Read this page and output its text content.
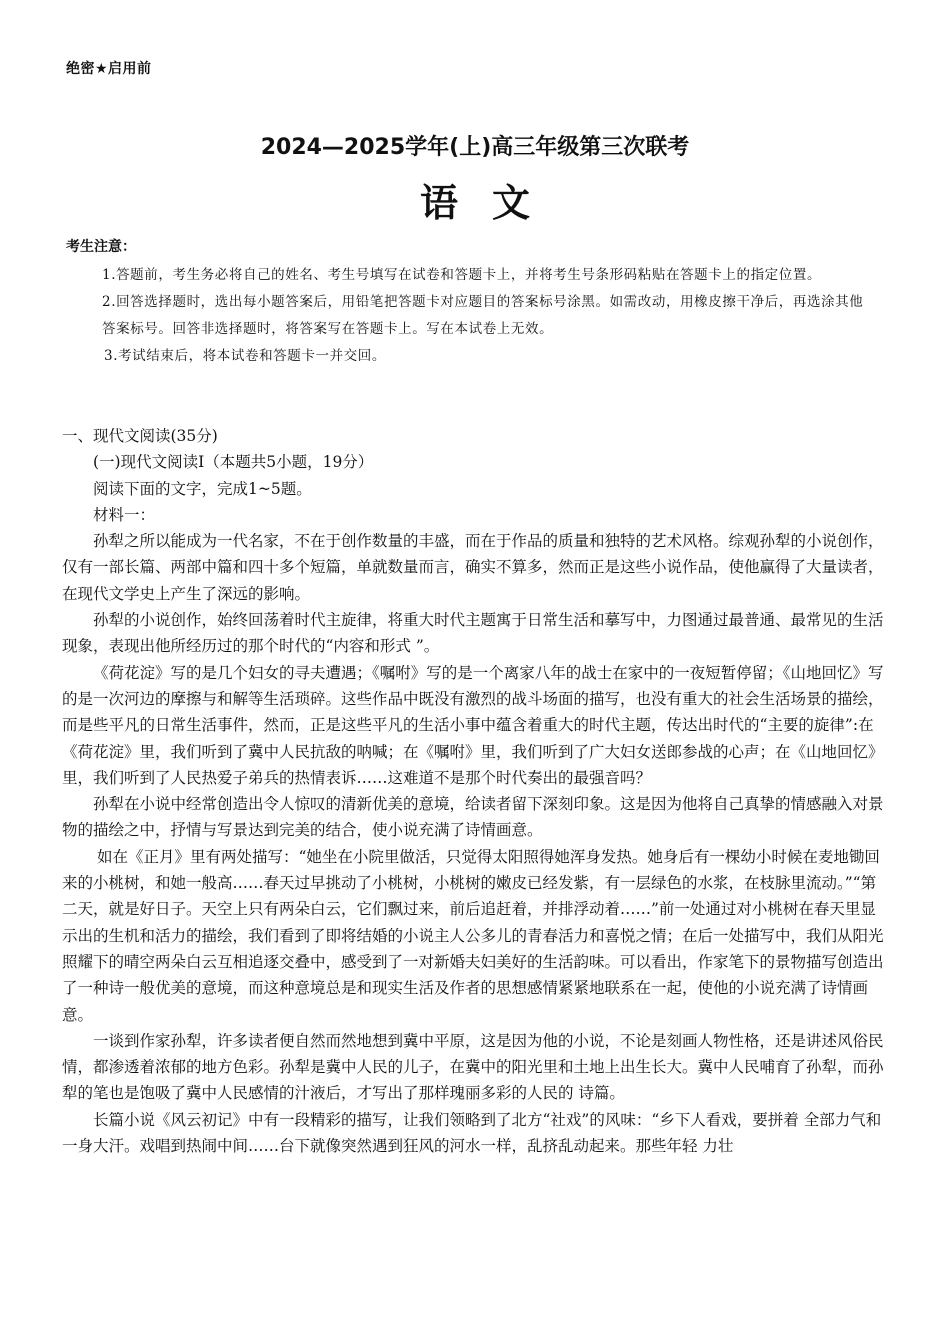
绝密★启用前
2024—2025学年(上)高三年级第三次联考
语文
考生注意：

1.答题前，考生务必将自己的姓名、考生号填写在试卷和答题卡上，并将考生号条形码粘贴在答题卡上的指定位置。

2.回答选择题时，选出每小题答案后，用铅笔把答题卡对应题目的答案标号涂黑。如需改动，用橡皮擦干净后，再选涂其他答案标号。回答非选择题时，将答案写在答题卡上。写在本试卷上无效。

3.考试结束后，将本试卷和答题卡一并交回。

一、现代文阅读(35分)

(一)现代文阅读Ⅰ（本题共5小题，19分）

阅读下面的文字，完成1~5题。

材料一：

孙犁之所以能成为一代名家，不在于创作数量的丰盛，而在于作品的质量和独特的艺术风格。综观孙犁的小说创作，仅有一部长篇、两部中篇和四十多个短篇，单就数量而言，确实不算多，然而正是这些小说作品，使他赢得了大量读者，在现代文学史上产生了深远的影响。

孙犁的小说创作，始终回荡着时代主旋律，将重大时代主题寓于日常生活和摹写中，力图通过最普通、最常见的生活现象，表现出他所经历过的那个时代的“内容和形式 ”。

《荷花淀》写的是几个妇女的寻夫遭遇；《嘱咐》写的是一个离家八年的战士在家中的一夜短暂停留；《山地回忆》写的是一次河边的摩擦与和解等生活琐碎。这些作品中既没有激烈的战斗场面的描写，也没有重大的社会生活场景的描绘，而是些平凡的日常生活事件，然而，正是这些平凡的生活小事中蕴含着重大的时代主题，传达出时代的“主要的旋律”:在《荷花淀》里，我们听到了冀中人民抗敌的呐喊；在《嘱咐》里，我们听到了广大妇女送郎参战的心声；在《山地回忆》里，我们听到了人民热爱子弟兵的热情表诉……这难道不是那个时代奏出的最强音吗？

孙犁在小说中经常创造出令人惊叹的清新优美的意境，给读者留下深刻印象。这是因为他将自己真挚的情感融入对景物的描绘之中，抒情与写景达到完美的结合，使小说充满了诗情画意。

如在《正月》里有两处描写：“她坐在小院里做活，只觉得太阳照得她浑身发热。她身后有一棵幼小时候在麦地锄回来的小桃树，和她一般高……春天过早挑动了小桃树，小桃树的嫩皮已经发紫，有一层绿色的水浆，在枝脉里流动。”“第二天，就是好日子。天空上只有两朵白云，它们飘过来，前后追赶着，并排浮动着……”前一处通过对小桃树在春天里显示出的生机和活力的描绘，我们看到了即将结婚的小说主人公多儿的青春活力和喜悦之情；在后一处描写中，我们从阳光照耀下的晴空两朵白云互相追逐交叠中，感受到了一对新婚夫妇美好的生活韵味。可以看出，作家笔下的景物描写创造出了一种诗一般优美的意境，而这种意境总是和现实生活及作者的思想感情紧紧地联系在一起，使他的小说充满了诗情画意。

一谈到作家孙犁，许多读者便自然而然地想到冀中平原，这是因为他的小说，不论是刻画人物性格，还是讲述风俗民情，都渗透着浓郁的地方色彩。孙犁是冀中人民的儿子，在冀中的阳光里和土地上出生长大。冀中人民哺育了孙犁，而孙犁的笔也是饱吸了冀中人民感情的汁液后，才写出了那样瑰丽多彩的人民的 诗篇。

长篇小说《风云初记》中有一段精彩的描写，让我们领略到了北方“社戏”的风味：“乡下人看戏，要拼着 全部力气和一身大汗。戏唱到热闹中间……台下就像突然遇到狂风的河水一样，乱挤乱动起来。那些年轻 力壮
